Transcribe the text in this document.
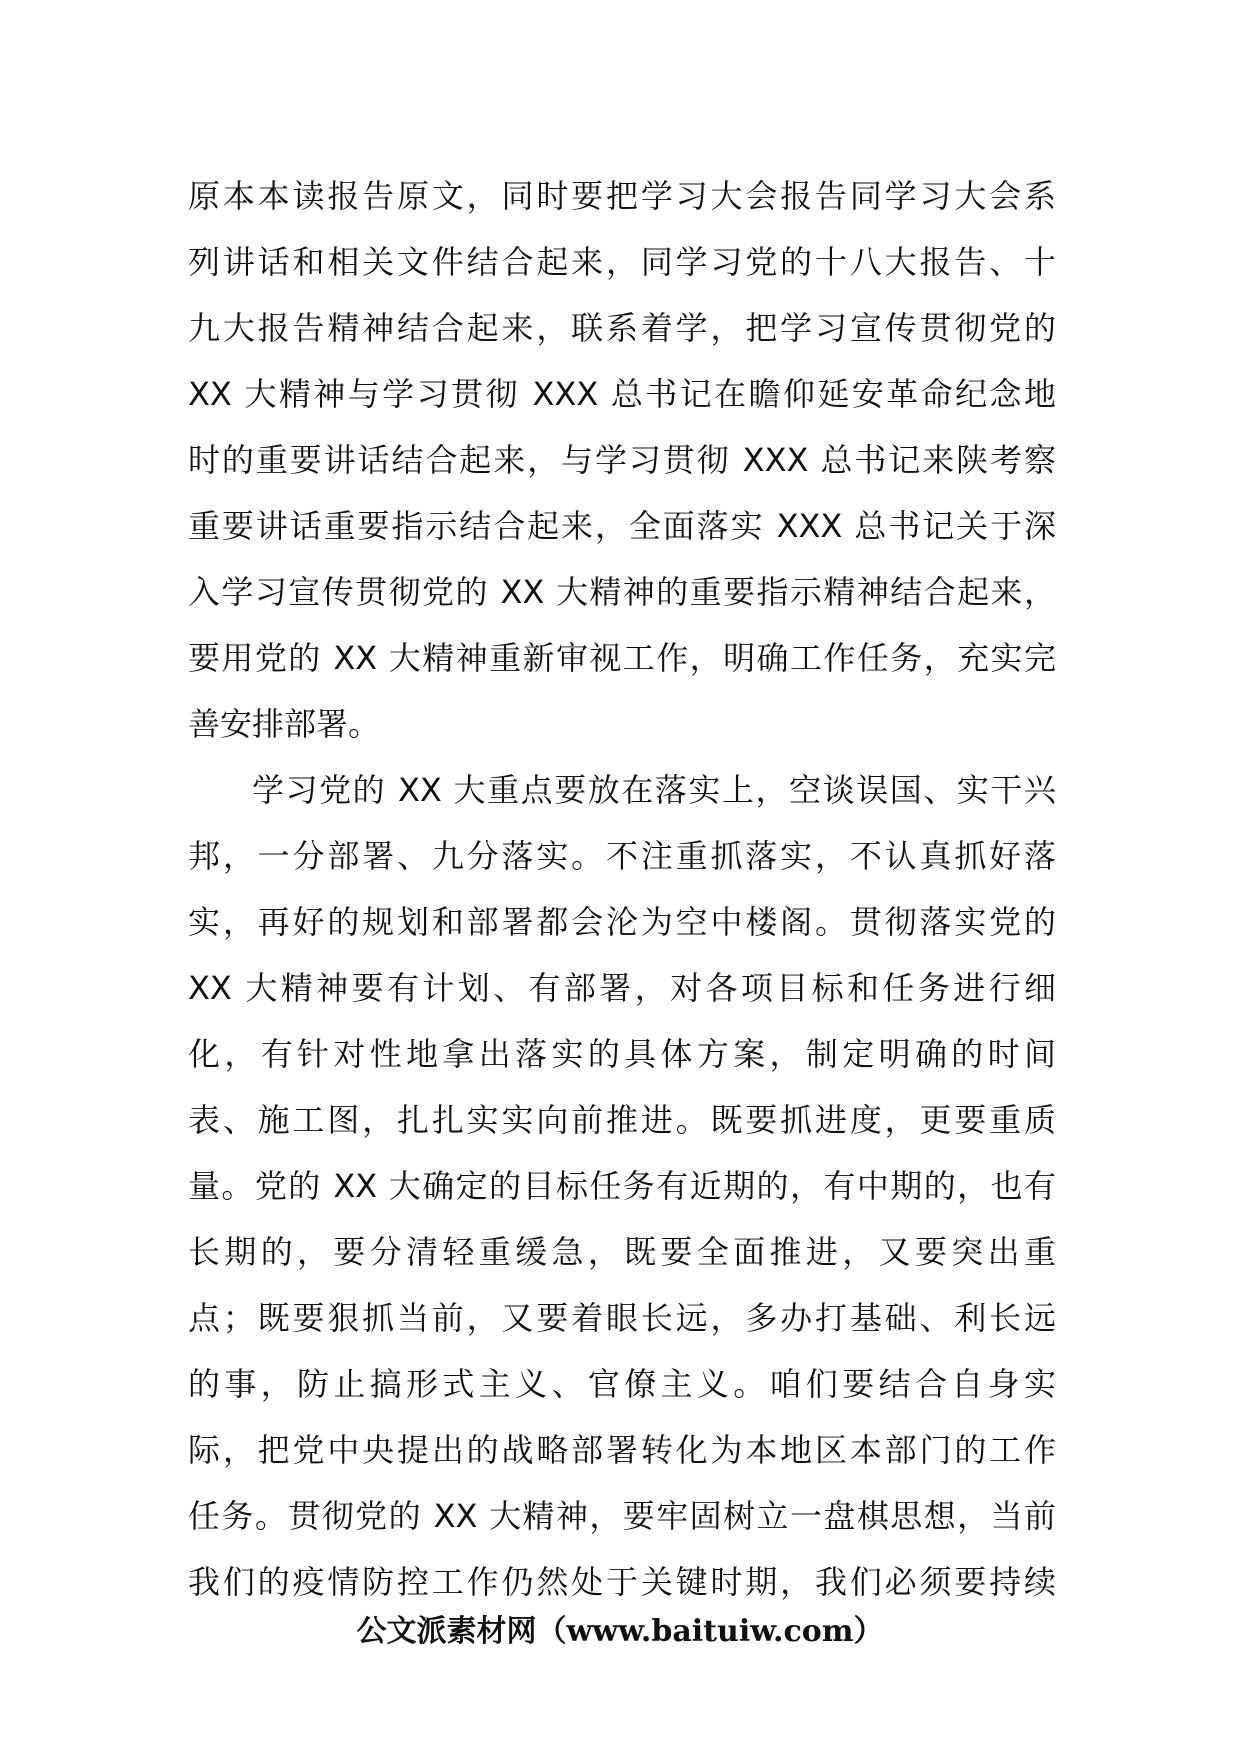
原本本读报告原文，同时要把学习大会报告同学习大会系
列讲话和相关文件结合起来，同学习党的十八大报告、十
九大报告精神结合起来，联系着学，把学习宣传贯彻党的
XX 大精神与学习贯彻 XXX 总书记在瞻仰延安革命纪念地
时的重要讲话结合起来，与学习贯彻 XXX 总书记来陕考察
重要讲话重要指示结合起来，全面落实 XXX 总书记关于深
入学习宣传贯彻党的 XX 大精神的重要指示精神结合起来，
要用党的 XX 大精神重新审视工作，明确工作任务，充实完
善安排部署。

学习党的 XX 大重点要放在落实上，空谈误国、实干兴
邦，一分部署、九分落实。不注重抓落实，不认真抓好落
实，再好的规划和部署都会沦为空中楼阁。贯彻落实党的
XX 大精神要有计划、有部署，对各项目标和任务进行细
化，有针对性地拿出落实的具体方案，制定明确的时间
表、施工图，扎扎实实向前推进。既要抓进度，更要重质
量。党的 XX 大确定的目标任务有近期的，有中期的，也有
长期的，要分清轻重缓急，既要全面推进，又要突出重
点；既要狠抓当前，又要着眼长远，多办打基础、利长远
的事，防止搞形式主义、官僚主义。咱们要结合自身实
际，把党中央提出的战略部署转化为本地区本部门的工作
任务。贯彻党的 XX 大精神，要牢固树立一盘棋思想，当前
我们的疫情防控工作仍然处于关键时期，我们必须要持续

公文派素材网（www.baituiw.com）
